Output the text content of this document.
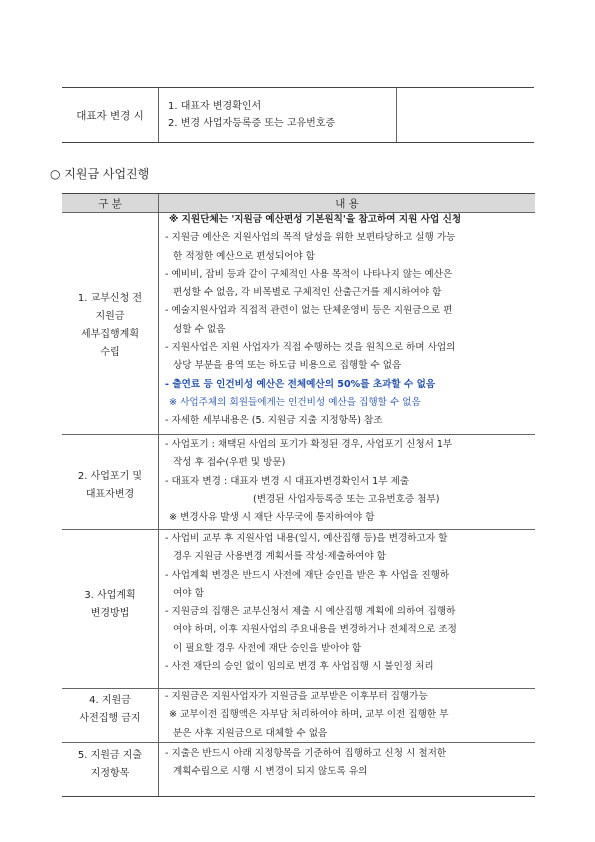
대표자 변경 시
1. 대표자 변경확인서
2. 변경 사업자등록증 또는 고유번호증
○ 지원금 사업진행
구 분	내 용
1. 교부신청 전
지원금
세부집행계획
수립

※ 지원단체는 '지원금 예산편성 기본원칙'을 참고하여 지원 사업 신청

- 지원금 예산은 지원사업의 목적 달성을 위한 보편타당하고 실행 가능

한 적정한 예산으로 편성되어야 함

- 예비비, 잡비 등과 같이 구체적인 사용 목적이 나타나지 않는 예산은

편성할 수 없음, 각 비목별로 구체적인 산출근거를 제시하여야 함

- 예술지원사업과 직접적 관련이 없는 단체운영비 등은 지원금으로 편

성할 수 없음

- 지원사업은 지원 사업자가 직접 수행하는 것을 원칙으로 하며 사업의

상당 부분을 용역 또는 하도급 비용으로 집행할 수 없음

- 출연료 등 인건비성 예산은 전체예산의 50%를 초과할 수 없음

※ 사업주체의 회원들에게는 인건비성 예산을 집행할 수 없음

- 자세한 세부내용은 (5. 지원금 지출 지정항목) 참조

2. 사업포기 및
대표자변경

- 사업포기 : 채택된 사업의 포기가 확정된 경우, 사업포기 신청서 1부

작성 후 접수(우편 및 방문)

- 대표자 변경 : 대표자 변경 시 대표자변경확인서 1부 제출

(변경된 사업자등록증 또는 고유번호증 첨부)

※ 변경사유 발생 시 재단 사무국에 통지하여야 함

3. 사업계획
변경방법

- 사업비 교부 후 지원사업 내용(일시, 예산집행 등)을 변경하고자 할

경우 지원금 사용변경 계획서를 작성·제출하여야 함

- 사업계획 변경은 반드시 사전에 재단 승인을 받은 후 사업을 진행하

여야 함

- 지원금의 집행은 교부신청서 제출 시 예산집행 계획에 의하여 집행하

여야 하며, 이후 지원사업의 주요내용을 변경하거나 전체적으로 조정

이 필요할 경우 사전에 재단 승인을 받아야 함

- 사전 재단의 승인 없이 임의로 변경 후 사업집행 시 불인정 처리

4. 지원금
사전집행 금지

- 지원금은 지원사업자가 지원금을 교부받은 이후부터 집행가능

※ 교부이전 집행액은 자부담 처리하여야 하며, 교부 이전 집행한 부

분은 사후 지원금으로 대체할 수 없음

5. 지원금 지출
지정항목

- 지출은 반드시 아래 지정항목을 기준하여 집행하고 신청 시 철저한

계획수립으로 시행 시 변경이 되지 않도록 유의
